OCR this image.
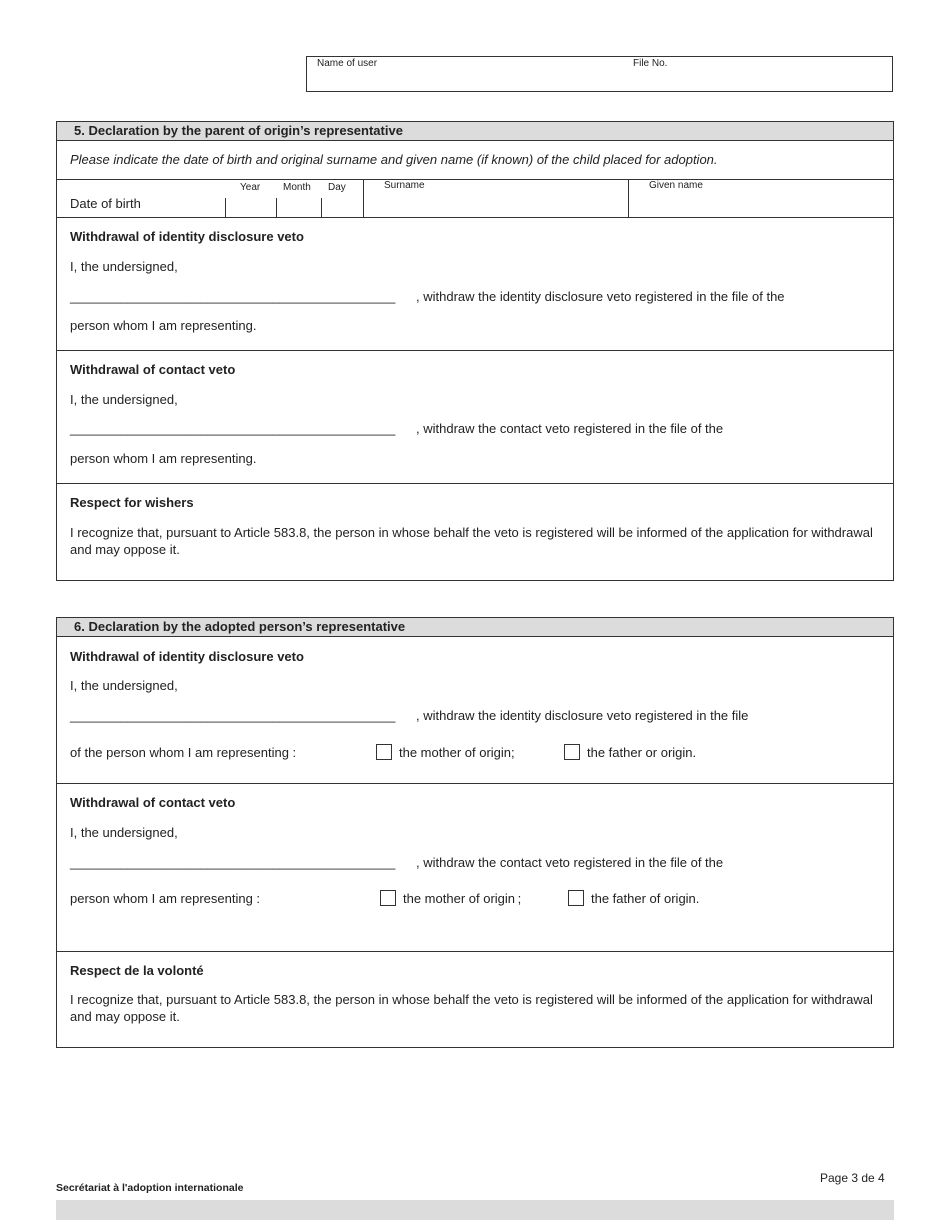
Name of user	File No.
5. Declaration by the parent of origin’s representative
Please indicate the date of birth and original surname and given name (if known) of the child placed for adoption.
Year Month Day
Date of birth
Surname	Given name
Withdrawal of identity disclosure veto
I, the undersigned,
_____________________________________________ , withdraw the identity disclosure veto registered in the file of the
person whom I am representing.
Withdrawal of contact veto
I, the undersigned,
_____________________________________________ , withdraw the contact veto registered in the file of the
person whom I am representing.
Respect for wishers
I recognize that, pursuant to Article 583.8, the person in whose behalf the veto is registered will be informed of the application for withdrawal and may oppose it.
6. Declaration by the adopted person’s representative
Withdrawal of identity disclosure veto
I, the undersigned,
_____________________________________________ , withdraw the identity disclosure veto registered in the file
of the person whom I am representing :	the mother of origin;	the father or origin.
Withdrawal of contact veto
I, the undersigned,
_____________________________________________ , withdraw the contact veto registered in the file of the
person whom I am representing :	the mother of origin ;	the father of origin.
Respect de la volonté
I recognize that, pursuant to Article 583.8, the person in whose behalf the veto is registered will be informed of the application for withdrawal and may oppose it.
Page 3 de 4
Secrétariat à l'adoption internationale
